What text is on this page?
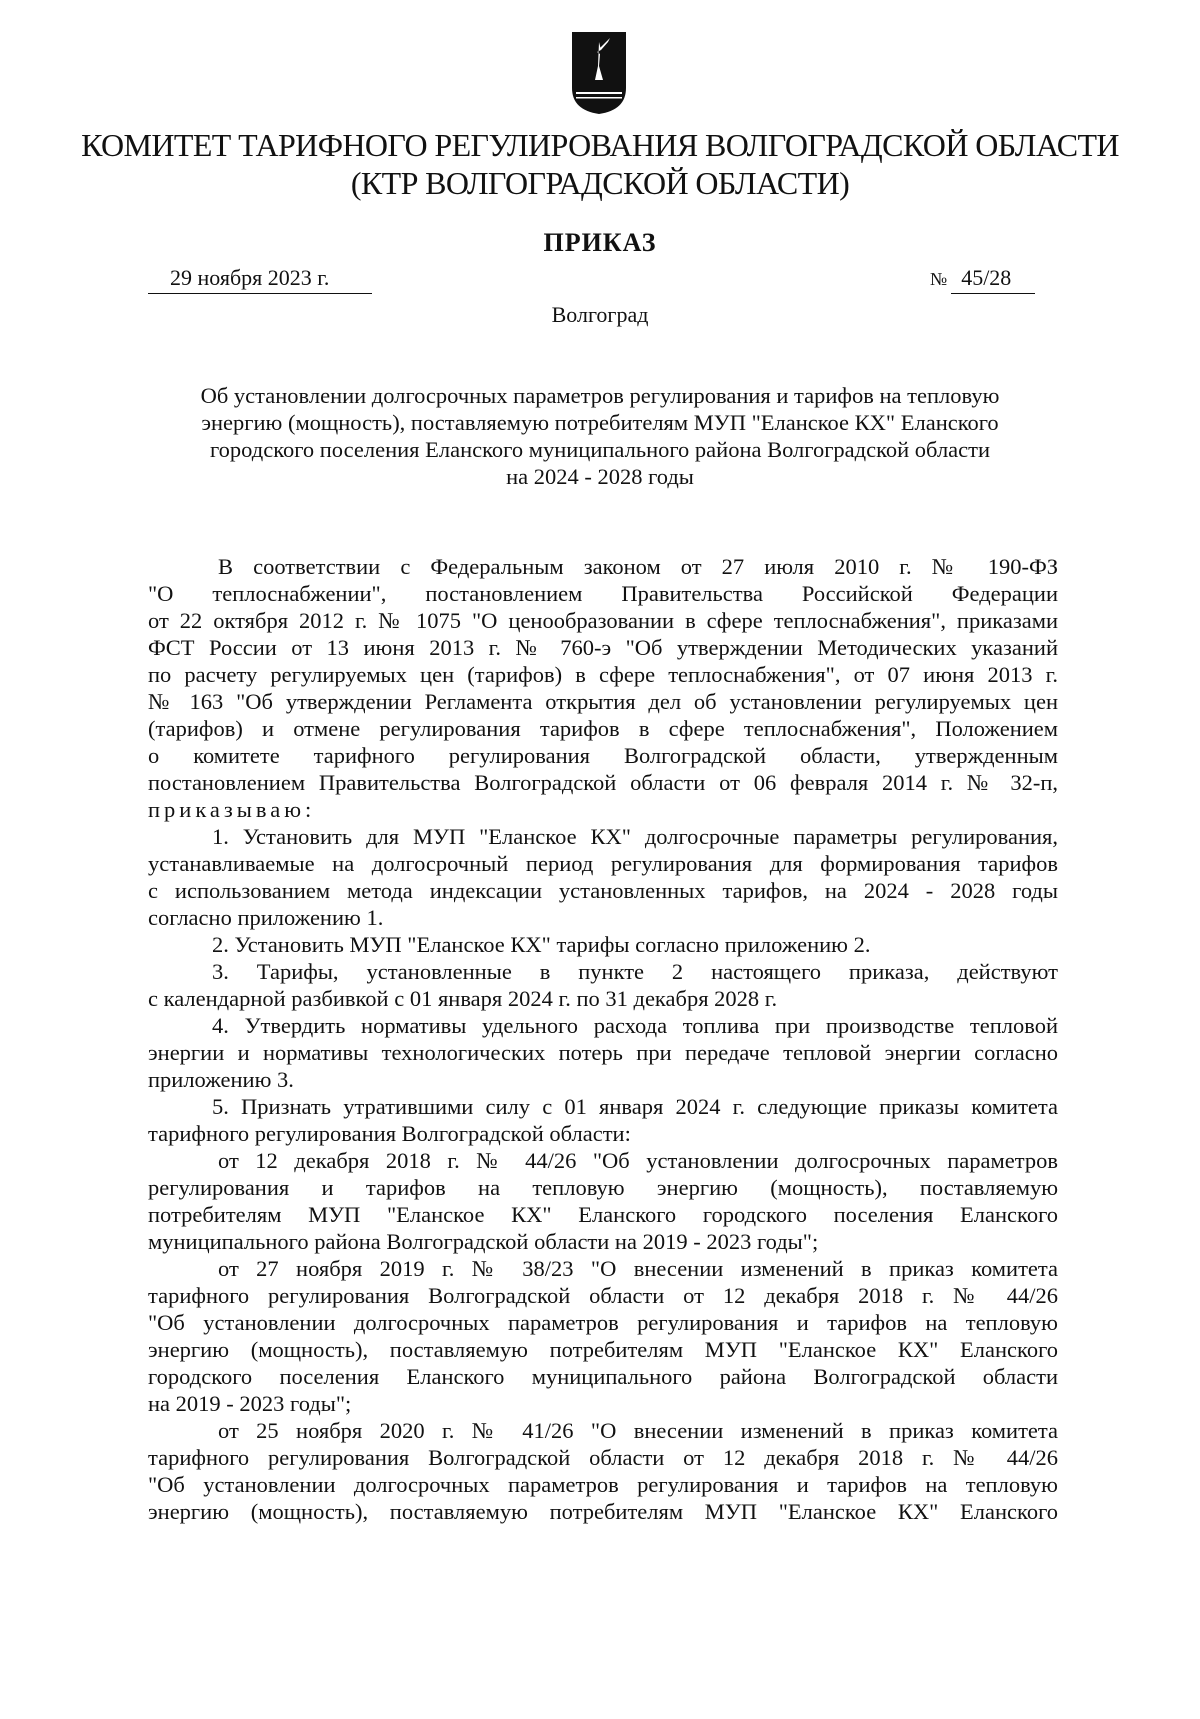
КОМИТЕТ ТАРИФНОГО РЕГУЛИРОВАНИЯ ВОЛГОГРАДСКОЙ ОБЛАСТИ
(КТР ВОЛГОГРАДСКОЙ ОБЛАСТИ)
ПРИКАЗ
29 ноября 2023 г.	№ 45/28
Волгоград
Об установлении долгосрочных параметров регулирования и тарифов на тепловую
энергию (мощность), поставляемую потребителям МУП "Еланское КХ" Еланского
городского поселения Еланского муниципального района Волгоградской области
на 2024 - 2028 годы

В соответствии с Федеральным законом от 27 июля 2010 г. № 190-ФЗ

"О теплоснабжении", постановлением Правительства Российской Федерации

от 22 октября 2012 г. № 1075 "О ценообразовании в сфере теплоснабжения", приказами

ФСТ России от 13 июня 2013 г. № 760-э "Об утверждении Методических указаний

по расчету регулируемых цен (тарифов) в сфере теплоснабжения", от 07 июня 2013 г.

№ 163 "Об утверждении Регламента открытия дел об установлении регулируемых цен

(тарифов) и отмене регулирования тарифов в сфере теплоснабжения", Положением

о комитете тарифного регулирования Волгоградской области, утвержденным

постановлением Правительства Волгоградской области от 06 февраля 2014 г. № 32-п,

приказываю:

1. Установить для МУП "Еланское КХ" долгосрочные параметры регулирования,

устанавливаемые на долгосрочный период регулирования для формирования тарифов

с использованием метода индексации установленных тарифов, на 2024 - 2028 годы

согласно приложению 1.

2. Установить МУП "Еланское КХ" тарифы согласно приложению 2.

3. Тарифы, установленные в пункте 2 настоящего приказа, действуют

с календарной разбивкой с 01 января 2024 г. по 31 декабря 2028 г.

4. Утвердить нормативы удельного расхода топлива при производстве тепловой

энергии и нормативы технологических потерь при передаче тепловой энергии согласно

приложению 3.

5. Признать утратившими силу с 01 января 2024 г. следующие приказы комитета

тарифного регулирования Волгоградской области:

от 12 декабря 2018 г. № 44/26 "Об установлении долгосрочных параметров

регулирования и тарифов на тепловую энергию (мощность), поставляемую

потребителям МУП "Еланское КХ" Еланского городского поселения Еланского

муниципального района Волгоградской области на 2019 - 2023 годы";

от 27 ноября 2019 г. № 38/23 "О внесении изменений в приказ комитета

тарифного регулирования Волгоградской области от 12 декабря 2018 г. № 44/26

"Об установлении долгосрочных параметров регулирования и тарифов на тепловую

энергию (мощность), поставляемую потребителям МУП "Еланское КХ" Еланского

городского поселения Еланского муниципального района Волгоградской области

на 2019 - 2023 годы";

от 25 ноября 2020 г. № 41/26 "О внесении изменений в приказ комитета

тарифного регулирования Волгоградской области от 12 декабря 2018 г. № 44/26

"Об установлении долгосрочных параметров регулирования и тарифов на тепловую

энергию (мощность), поставляемую потребителям МУП "Еланское КХ" Еланского
